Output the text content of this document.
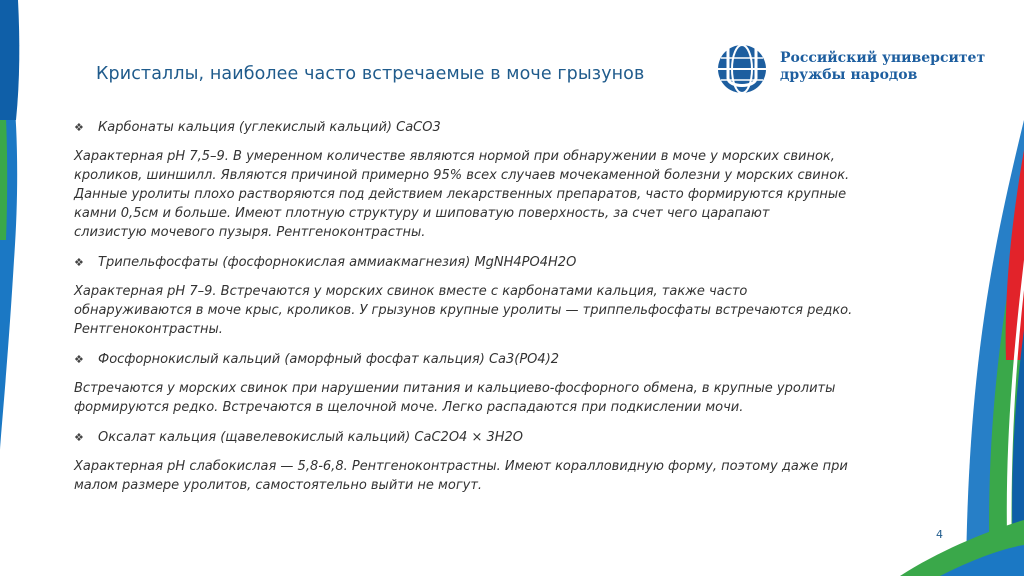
Кристаллы, наиболее часто встречаемые в моче грызунов
Российский университет
дружбы народов
❖	Карбонаты кальция (углекислый кальций) CaCO3
Характерная pH 7,5–9. В умеренном количестве являются нормой при обнаружении в моче у морских свинок,
кроликов, шиншилл. Являются причиной примерно 95% всех случаев мочекаменной болезни у морских свинок.
Данные уролиты плохо растворяются под действием лекарственных препаратов, часто формируются крупные
камни 0,5см и больше. Имеют плотную структуру и шиповатую поверхность, за счет чего царапают
слизистую мочевого пузыря. Рентгеноконтрастны.
❖	Трипельфосфаты (фосфорнокислая аммиакмагнезия) MgNH4PO4H2O
Характерная pH 7–9. Встречаются у морских свинок вместе с карбонатами кальция, также часто
обнаруживаются в моче крыс, кроликов. У грызунов крупные уролиты — триппельфосфаты встречаются редко.
Рентгеноконтрастны.
❖	Фосфорнокислый кальций (аморфный фосфат кальция) Ca3(PO4)2
Встречаются у морских свинок при нарушении питания и кальциево-фосфорного обмена, в крупные уролиты
формируются редко. Встречаются в щелочной моче. Легко распадаются при подкислении мочи.
❖	Оксалат кальция (щавелевокислый кальций) CaC2O4 × 3H2O
Характерная pH слабокислая — 5,8-6,8. Рентгеноконтрастны. Имеют коралловидную форму, поэтому даже при
малом размере уролитов, самостоятельно выйти не могут.
4
